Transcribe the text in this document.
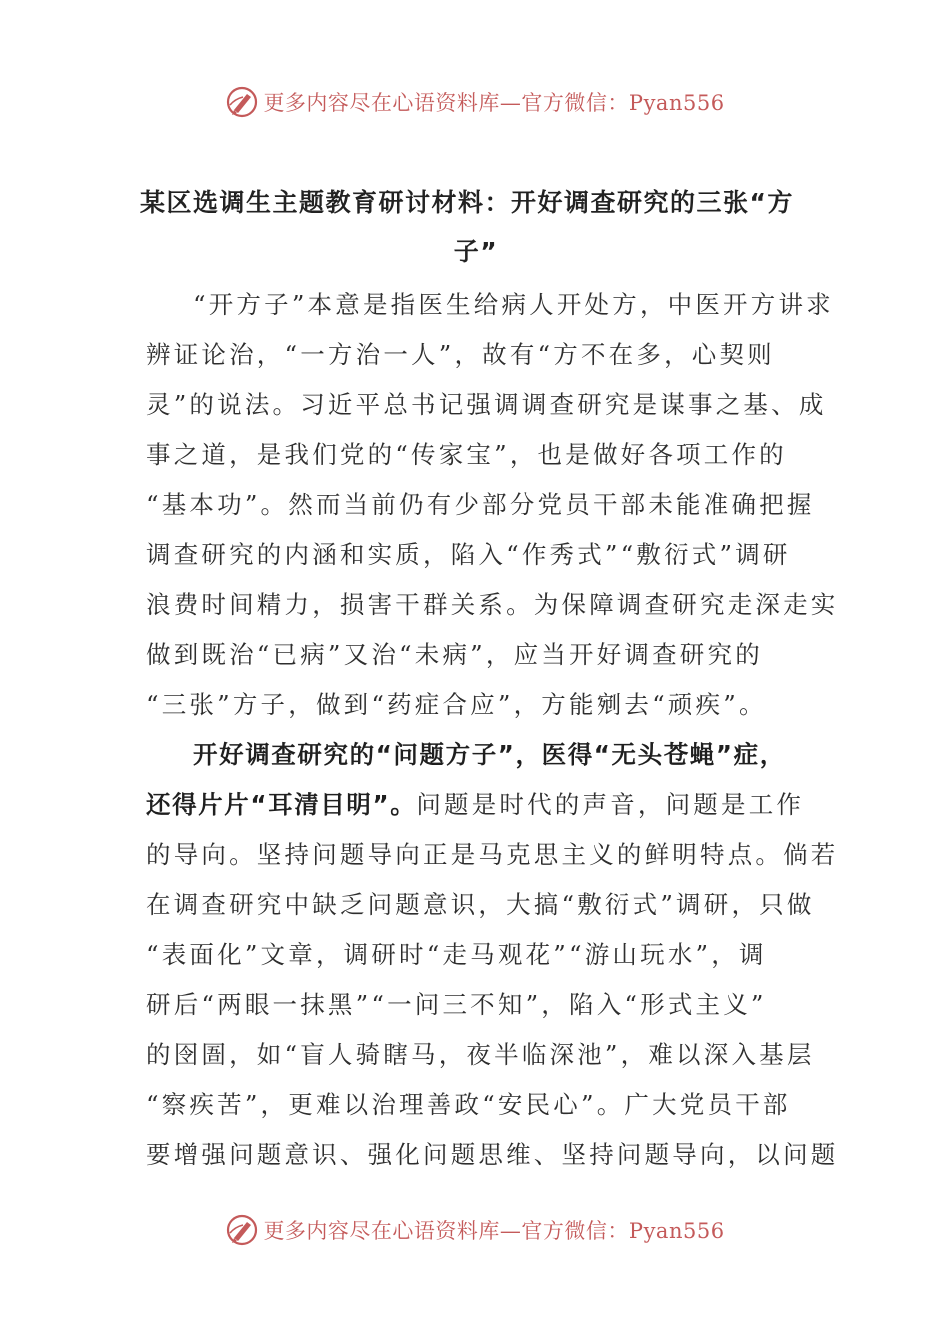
更多内容尽在心语资料库—官方微信：Pyan556
某区选调生主题教育研讨材料：开好调查研究的三张“方
子”
“开方子”本意是指医生给病人开处方，中医开方讲求
辨证论治，“一方治一人”，故有“方不在多，心契则
灵”的说法。习近平总书记强调调查研究是谋事之基、成
事之道，是我们党的“传家宝”，也是做好各项工作的
“基本功”。然而当前仍有少部分党员干部未能准确把握
调查研究的内涵和实质，陷入“作秀式”“敷衍式”调研
浪费时间精力，损害干群关系。为保障调查研究走深走实
做到既治“已病”又治“未病”，应当开好调查研究的
“三张”方子，做到“药症合应”，方能剜去“顽疾”。
开好调查研究的“问题方子”，医得“无头苍蝇”症，
还得片片“耳清目明”。问题是时代的声音，问题是工作
的导向。坚持问题导向正是马克思主义的鲜明特点。倘若
在调查研究中缺乏问题意识，大搞“敷衍式”调研，只做
“表面化”文章，调研时“走马观花”“游山玩水”，调
研后“两眼一抹黑”“一问三不知”，陷入“形式主义”
的囹圄，如“盲人骑瞎马，夜半临深池”，难以深入基层
“察疾苦”，更难以治理善政“安民心”。广大党员干部
要增强问题意识、强化问题思维、坚持问题导向，以问题
更多内容尽在心语资料库—官方微信：Pyan556
